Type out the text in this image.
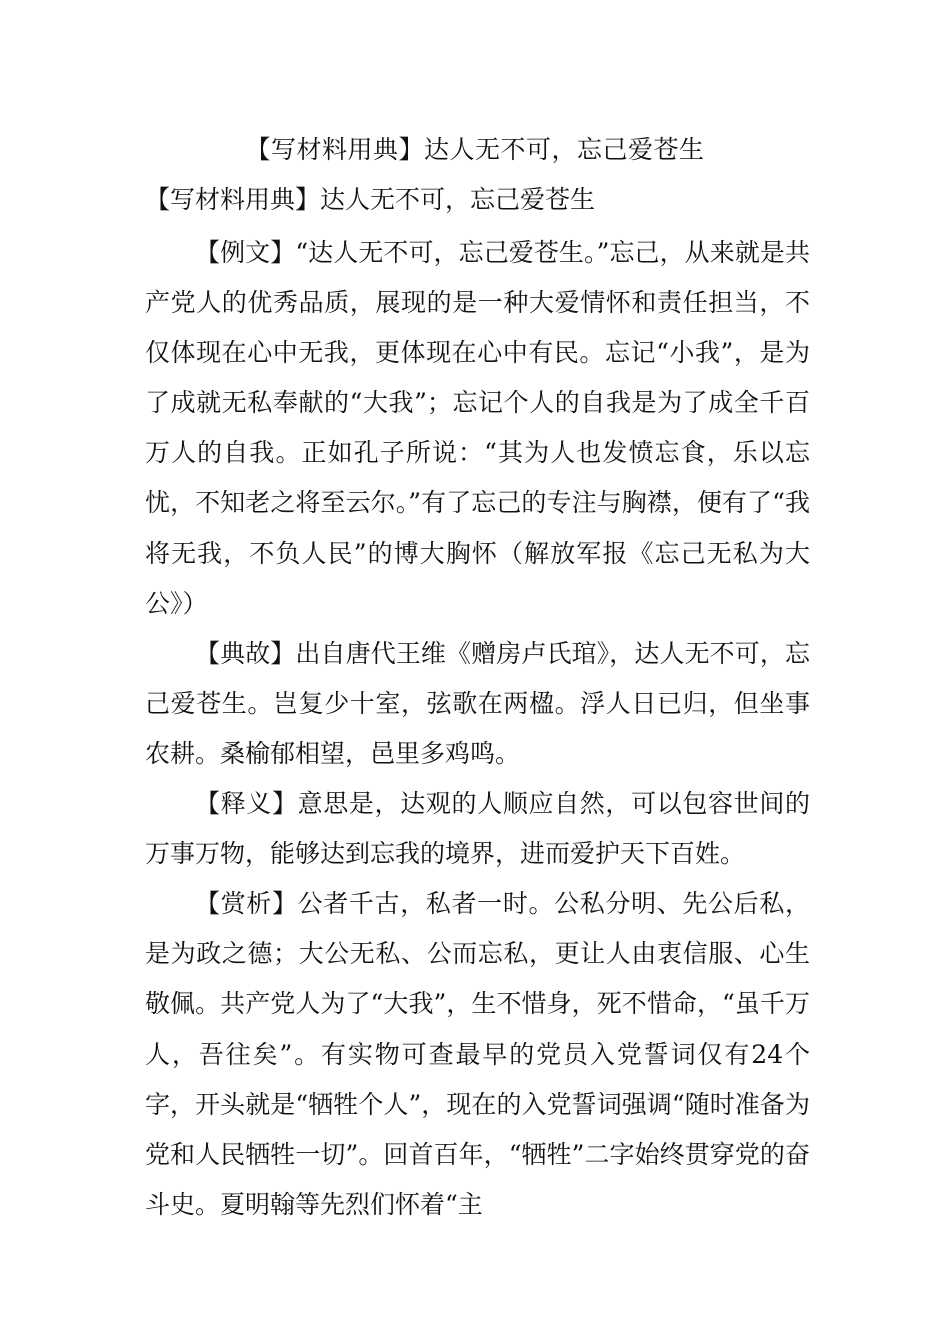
【写材料用典】达人无不可，忘己爱苍生
【写材料用典】达人无不可，忘己爱苍生

【例文】“达人无不可，忘己爱苍生。”忘己，从来就是共产党人的优秀品质，展现的是一种大爱情怀和责任担当，不仅体现在心中无我，更体现在心中有民。忘记“小我”，是为了成就无私奉献的“大我”；忘记个人的自我是为了成全千百万人的自我。正如孔子所说：“其为人也发愤忘食，乐以忘忧，不知老之将至云尔。”有了忘己的专注与胸襟，便有了“我将无我，不负人民”的博大胸怀（解放军报《忘己无私为大公》）

【典故】出自唐代王维《赠房卢氏琯》，达人无不可，忘己爱苍生。岂复少十室，弦歌在两楹。浮人日已归，但坐事农耕。桑榆郁相望，邑里多鸡鸣。

【释义】意思是，达观的人顺应自然，可以包容世间的万事万物，能够达到忘我的境界，进而爱护天下百姓。

【赏析】公者千古，私者一时。公私分明、先公后私，是为政之德；大公无私、公而忘私，更让人由衷信服、心生敬佩。共产党人为了“大我”，生不惜身，死不惜命，“虽千万人，吾往矣”。有实物可查最早的党员入党誓词仅有24个字，开头就是“牺牲个人”，现在的入党誓词强调“随时准备为党和人民牺牲一切”。回首百年，“牺牲”二字始终贯穿党的奋斗史。夏明翰等先烈们怀着“主
